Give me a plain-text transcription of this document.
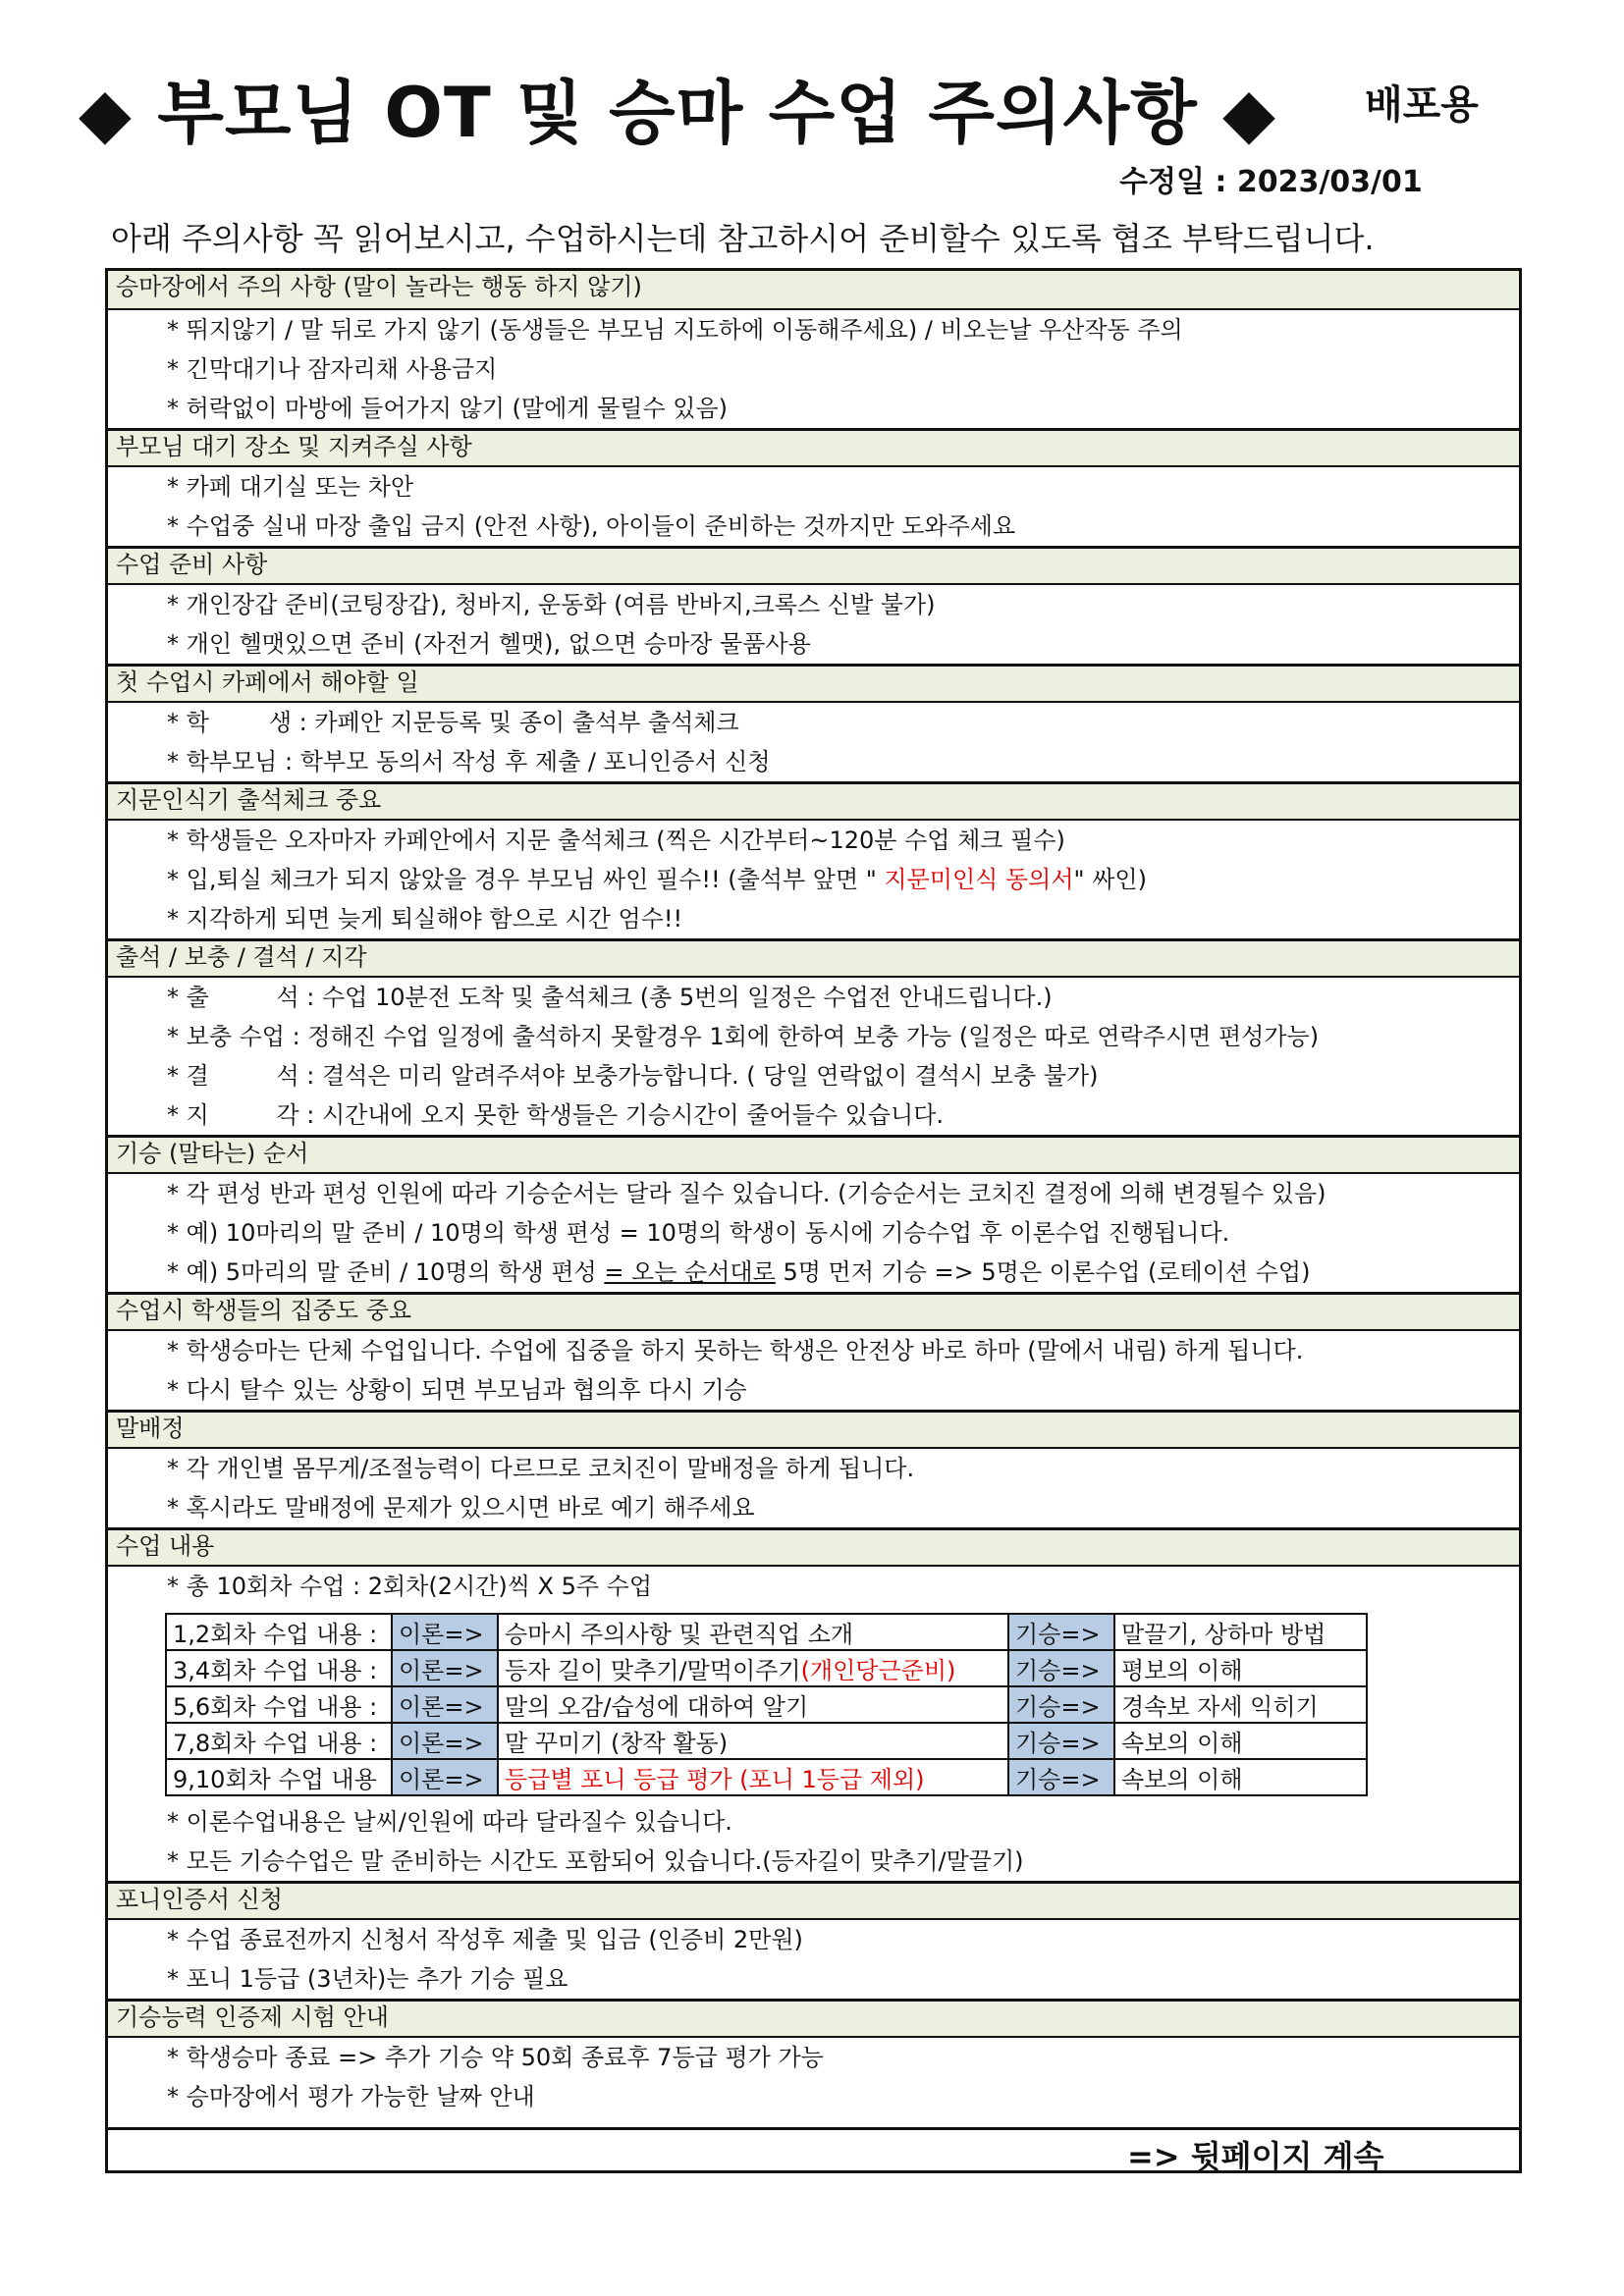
◆ 부모님 OT 및 승마 수업 주의사항 ◆ 배포용
수정일 : 2023/03/01
아래 주의사항 꼭 읽어보시고, 수업하시는데 참고하시어 준비할수 있도록 협조 부탁드립니다.
승마장에서 주의 사항 (말이 놀라는 행동 하지 않기)
* 뛰지않기 / 말 뒤로 가지 않기 (동생들은 부모님 지도하에 이동해주세요) / 비오는날 우산작동 주의
* 긴막대기나 잠자리채 사용금지
* 허락없이 마방에 들어가지 않기 (말에게 물릴수 있음)
부모님 대기 장소 및 지켜주실 사항
* 카페 대기실 또는 차안
* 수업중 실내 마장 출입 금지 (안전 사항), 아이들이 준비하는 것까지만 도와주세요
수업 준비 사항
* 개인장갑 준비(코팅장갑), 청바지, 운동화 (여름 반바지,크록스 신발 불가)
* 개인 헬맷있으면 준비 (자전거 헬맷), 없으면 승마장 물품사용
첫 수업시 카페에서 해야할 일
* 학        생 : 카페안 지문등록 및 종이 출석부 출석체크
* 학부모님 : 학부모 동의서 작성 후 제출 / 포니인증서 신청
지문인식기 출석체크 중요
* 학생들은 오자마자 카페안에서 지문 출석체크 (찍은 시간부터~120분 수업 체크 필수)
* 입,퇴실 체크가 되지 않았을 경우 부모님 싸인 필수!! (출석부 앞면 " 지문미인식 동의서" 싸인)
* 지각하게 되면 늦게 퇴실해야 함으로 시간 엄수!!
출석 / 보충 / 결석 / 지각
* 출         석 : 수업 10분전 도착 및 출석체크 (총 5번의 일정은 수업전 안내드립니다.)
* 보충 수업 : 정해진 수업 일정에 출석하지 못할경우 1회에 한하여 보충 가능 (일정은 따로 연락주시면 편성가능)
* 결         석 : 결석은 미리 알려주셔야 보충가능합니다. ( 당일 연락없이 결석시 보충 불가)
* 지         각 : 시간내에 오지 못한 학생들은 기승시간이 줄어들수 있습니다.
기승 (말타는) 순서
* 각 편성 반과 편성 인원에 따라 기승순서는 달라 질수 있습니다. (기승순서는 코치진 결정에 의해 변경될수 있음)
* 예) 10마리의 말 준비 / 10명의 학생 편성 = 10명의 학생이 동시에 기승수업 후 이론수업 진행됩니다.
* 예) 5마리의 말 준비 / 10명의 학생 편성 = 오는 순서대로 5명 먼저 기승 => 5명은 이론수업 (로테이션 수업)
수업시 학생들의 집중도 중요
* 학생승마는 단체 수업입니다. 수업에 집중을 하지 못하는 학생은 안전상 바로 하마 (말에서 내림) 하게 됩니다.
* 다시 탈수 있는 상황이 되면 부모님과 협의후 다시 기승
말배정
* 각 개인별 몸무게/조절능력이 다르므로 코치진이 말배정을 하게 됩니다.
* 혹시라도 말배정에 문제가 있으시면 바로 예기 해주세요
수업 내용
* 총 10회차 수업 : 2회차(2시간)씩 X 5주 수업
1,2회차 수업 내용 :	이론=>	승마시 주의사항 및 관련직업 소개	기승=>	말끌기, 상하마 방법
3,4회차 수업 내용 :	이론=>	등자 길이 맞추기/말먹이주기(개인당근준비)	기승=>	평보의 이해
5,6회차 수업 내용 :	이론=>	말의 오감/습성에 대하여 알기	기승=>	경속보 자세 익히기
7,8회차 수업 내용 :	이론=>	말 꾸미기 (창작 활동)	기승=>	속보의 이해
9,10회차 수업 내용	이론=>	등급별 포니 등급 평가 (포니 1등급 제외)	기승=>	속보의 이해
* 이론수업내용은 날씨/인원에 따라 달라질수 있습니다.
* 모든 기승수업은 말 준비하는 시간도 포함되어 있습니다.(등자길이 맞추기/말끌기)
포니인증서 신청
* 수업 종료전까지 신청서 작성후 제출 및 입금 (인증비 2만원)
* 포니 1등급 (3년차)는 추가 기승 필요
기승능력 인증제 시험 안내
* 학생승마 종료 => 추가 기승 약 50회 종료후 7등급 평가 가능
* 승마장에서 평가 가능한 날짜 안내
=> 뒷페이지 계속
